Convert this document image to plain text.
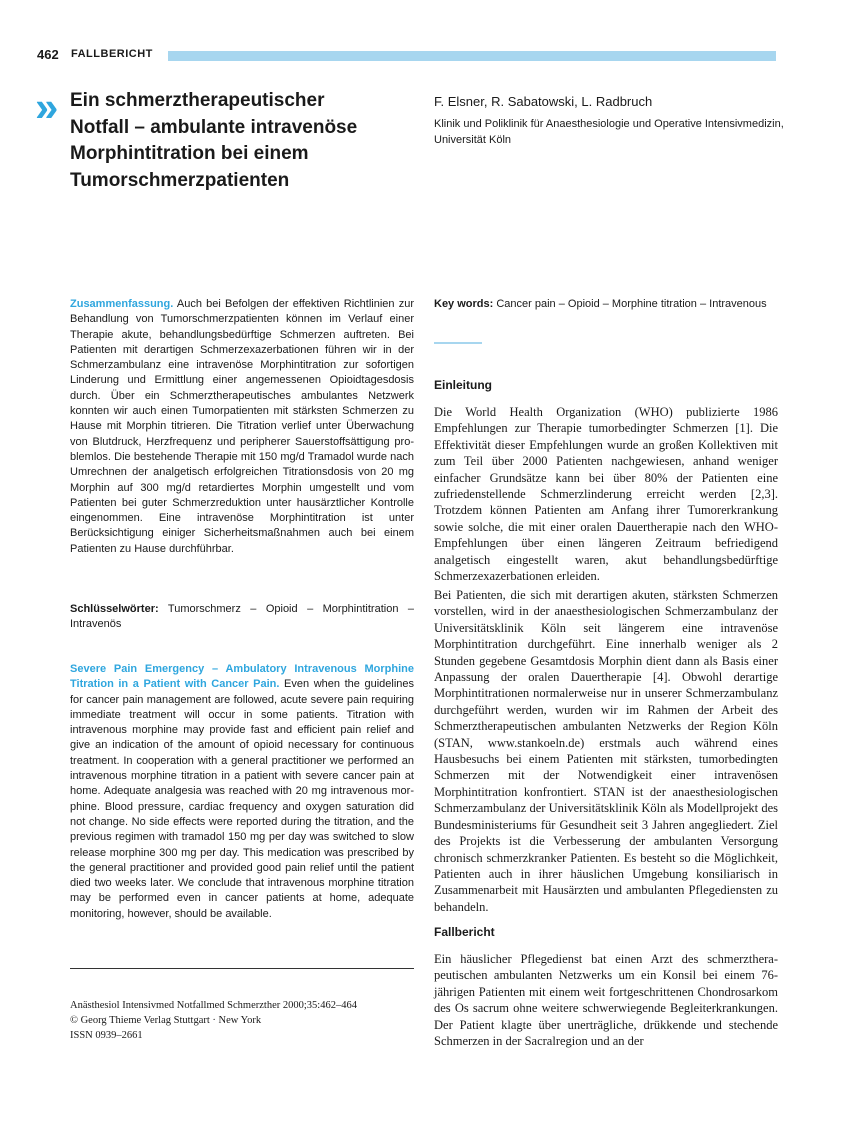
462 FALLBERICHT
» Ein schmerztherapeutischer
Notfall – ambulante intravenöse
Morphintitration bei einem
Tumorschmerzpatienten
F. Elsner, R. Sabatowski, L. Radbruch
Klinik und Poliklinik für Anaesthesiologie und Operative Intensivmedizin, Universität Köln

Zusammenfassung. Auch bei Befolgen der effektiven Richtlinien zur Behandlung von Tumorschmerzpatienten können im Verlauf einer Therapie akute, behandlungsbedürftige Schmerzen auftreten. Bei Patienten mit derartigen Schmerzexazerbationen führen wir in der Schmerzambulanz eine intravenöse Morphintitration zur sofortigen Linderung und Ermittlung einer angemessenen Opioidtagesdosis durch. Über ein Schmerztherapeutisches ambulantes Netzwerk konnten wir auch einen Tumorpatienten mit stärksten Schmerzen zu Hause mit Morphin titrieren. Die Titration verlief unter Überwachung von Blutdruck, Herzfrequenz und peripherer Sauerstoffsättigung problemlos. Die bestehende Therapie mit 150 mg/d Tramadol wurde nach Umrechnen der analgetisch erfolgreichen Titrationsdosis von 20 mg Morphin auf 300 mg/d retardiertes Morphin umgestellt und vom Patienten bei guter Schmerzreduktion unter hausärztlicher Kontrolle eingenommen. Eine intravenöse Morphintitration ist unter Berücksichtigung einiger Sicherheitsmaßnahmen auch bei einem Patienten zu Hause durchführbar.

Schlüsselwörter: Tumorschmerz – Opioid – Morphintitration – Intravenös

Severe Pain Emergency – Ambulatory Intravenous Morphine Titration in a Patient with Cancer Pain. Even when the guidelines for cancer pain management are followed, acute severe pain requiring immediate treatment will occur in some patients. Titration with intravenous morphine may provide fast and efficient pain relief and give an indication of the amount of opioid necessary for continuous treatment. In cooperation with a general practitioner we performed an intravenous morphine titration in a patient with severe cancer pain at home. Adequate analgesia was reached with 20 mg intravenous morphine. Blood pressure, cardiac frequency and oxygen saturation did not change. No side effects were reported during the titration, and the previous regimen with tramadol 150 mg per day was switched to slow release morphine 300 mg per day. This medication was prescribed by the general practitioner and provided good pain relief until the patient died two weeks later. We conclude that intravenous morphine titration may be performed even in cancer patients at home, adequate monitoring, however, should be available.

Anästhesiol Intensivmed Notfallmed Schmerzther 2000;35:462–464
© Georg Thieme Verlag Stuttgart · New York
ISSN 0939–2661

Key words: Cancer pain – Opioid – Morphine titration – Intravenous

Einleitung

Die World Health Organization (WHO) publizierte 1986 Empfehlungen zur Therapie tumorbedingter Schmerzen [1]. Die Effektivität dieser Empfehlungen wurde an großen Kollektiven mit zum Teil über 2000 Patienten nachgewiesen, anhand weniger einfacher Grundsätze kann bei über 80% der Patienten eine zufriedenstellende Schmerzlinderung erreicht werden [2,3]. Trotzdem können Patienten am Anfang ihrer Tumorerkrankung sowie solche, die mit einer oralen Dauertherapie nach den WHO-Empfehlungen über einen längeren Zeitraum befriedigend analgetisch eingestellt waren, akut behandlungsbedürftige Schmerzexazerbationen erleiden.

Bei Patienten, die sich mit derartigen akuten, stärksten Schmerzen vorstellen, wird in der anaesthesiologischen Schmerzambulanz der Universitätsklinik Köln seit längerem eine intravenöse Morphintitration durchgeführt. Eine innerhalb weniger als 2 Stunden gegebene Gesamtdosis Morphin dient dann als Basis einer Anpassung der oralen Dauertherapie [4]. Obwohl derartige Morphintitrationen normalerweise nur in unserer Schmerzambulanz durchgeführt werden, wurden wir im Rahmen der Arbeit des Schmerztherapeutischen ambulanten Netzwerks der Region Köln (STAN, www.stankoeln.de) erstmals auch während eines Hausbesuchs bei einem Patienten mit stärksten, tumorbedingten Schmerzen mit der Notwendigkeit einer intravenösen Morphintitration konfrontiert. STAN ist der anaesthesiologischen Schmerzambulanz der Universitätsklinik Köln als Modellprojekt des Bundesministeriums für Gesundheit seit 3 Jahren angegliedert. Ziel des Projekts ist die Verbesserung der ambulanten Versorgung chronisch schmerzkranker Patienten. Es besteht so die Möglichkeit, Patienten auch in ihrer häuslichen Umgebung konsiliarisch in Zusammenarbeit mit Hausärzten und ambulanten Pflegediensten zu behandeln.

Fallbericht

Ein häuslicher Pflegedienst bat einen Arzt des schmerztherapeutischen ambulanten Netzwerks um ein Konsil bei einem 76-jährigen Patienten mit einem weit fortgeschrittenen Chondrosarkom des Os sacrum ohne weitere schwerwiegende Begleiterkrankungen. Der Patient klagte über unerträgliche, drükkende und stechende Schmerzen in der Sacralregion und an der
